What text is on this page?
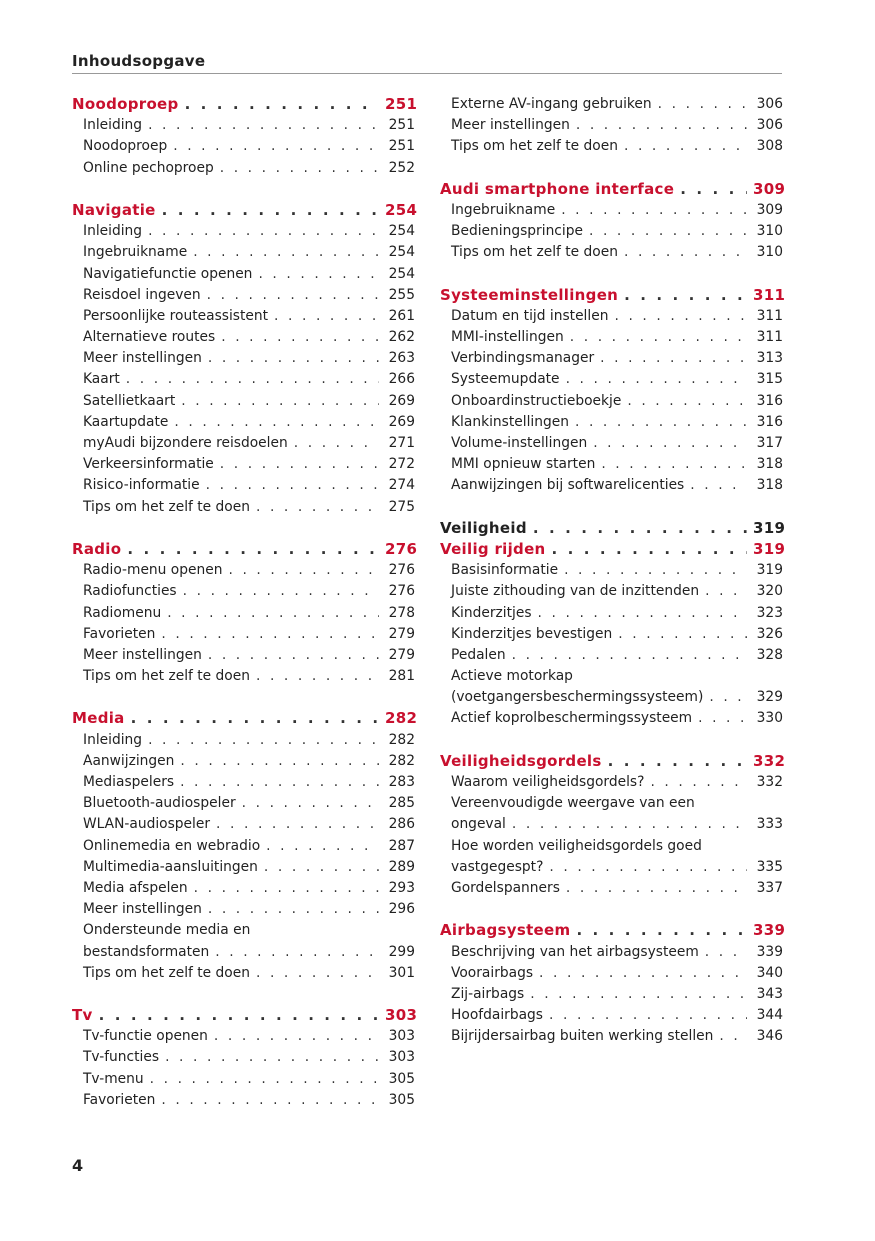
Inhoudsopgave
Noodoproep . . .	251
Inleiding . . .	251
Noodoproep . . .	251
Online pechoproep . . .	252
Navigatie . . .	254
Inleiding . . .	254
Ingebruikname . . .	254
Navigatiefunctie openen . . .	254
Reisdoel ingeven . . .	255
Persoonlijke routeassistent . . .	261
Alternatieve routes . . .	262
Meer instellingen . . .	263
Kaart . . .	266
Satellietkaart . . .	269
Kaartupdate . . .	269
myAudi bijzondere reisdoelen . . .	271
Verkeersinformatie . . .	272
Risico-informatie . . .	274
Tips om het zelf te doen . . .	275
Radio . . .	276
Radio-menu openen . . .	276
Radiofuncties . . .	276
Radiomenu . . .	278
Favorieten . . .	279
Meer instellingen . . .	279
Tips om het zelf te doen . . .	281
Media . . .	282
Inleiding . . .	282
Aanwijzingen . . .	282
Mediaspelers . . .	283
Bluetooth-audiospeler . . .	285
WLAN-audiospeler . . .	286
Onlinemedia en webradio . . .	287
Multimedia-aansluitingen . . .	289
Media afspelen . . .	293
Meer instellingen . . .	296
Ondersteunde media en
bestandsformaten . . .	299
Tips om het zelf te doen . . .	301
Tv . . .	303
Tv-functie openen . . .	303
Tv-functies . . .	303
Tv-menu . . .	305
Favorieten . . .	305
Externe AV-ingang gebruiken . . .	306
Meer instellingen . . .	306
Tips om het zelf te doen . . .	308
Audi smartphone interface . . .	309
Ingebruikname . . .	309
Bedieningsprincipe . . .	310
Tips om het zelf te doen . . .	310
Systeeminstellingen . . .	311
Datum en tijd instellen . . .	311
MMI-instellingen . . .	311
Verbindingsmanager . . .	313
Systeemupdate . . .	315
Onboardinstructieboekje . . .	316
Klankinstellingen . . .	316
Volume-instellingen . . .	317
MMI opnieuw starten . . .	318
Aanwijzingen bij softwarelicenties . . .	318
Veiligheid . . .	319
Veilig rijden . . .	319
Basisinformatie . . .	319
Juiste zithouding van de inzittenden . . .	320
Kinderzitjes . . .	323
Kinderzitjes bevestigen . . .	326
Pedalen . . .	328
Actieve motorkap
(voetgangersbeschermingssysteem) . . .	329
Actief koprolbeschermingssysteem . . .	330
Veiligheidsgordels . . .	332
Waarom veiligheidsgordels? . . .	332
Vereenvoudigde weergave van een
ongeval . . .	333
Hoe worden veiligheidsgordels goed
vastgegespt? . . .	335
Gordelspanners . . .	337
Airbagsysteem . . .	339
Beschrijving van het airbagsysteem . . .	339
Voorairbags . . .	340
Zij-airbags . . .	343
Hoofdairbags . . .	344
Bijrijdersairbag buiten werking stellen . . .	346
4
